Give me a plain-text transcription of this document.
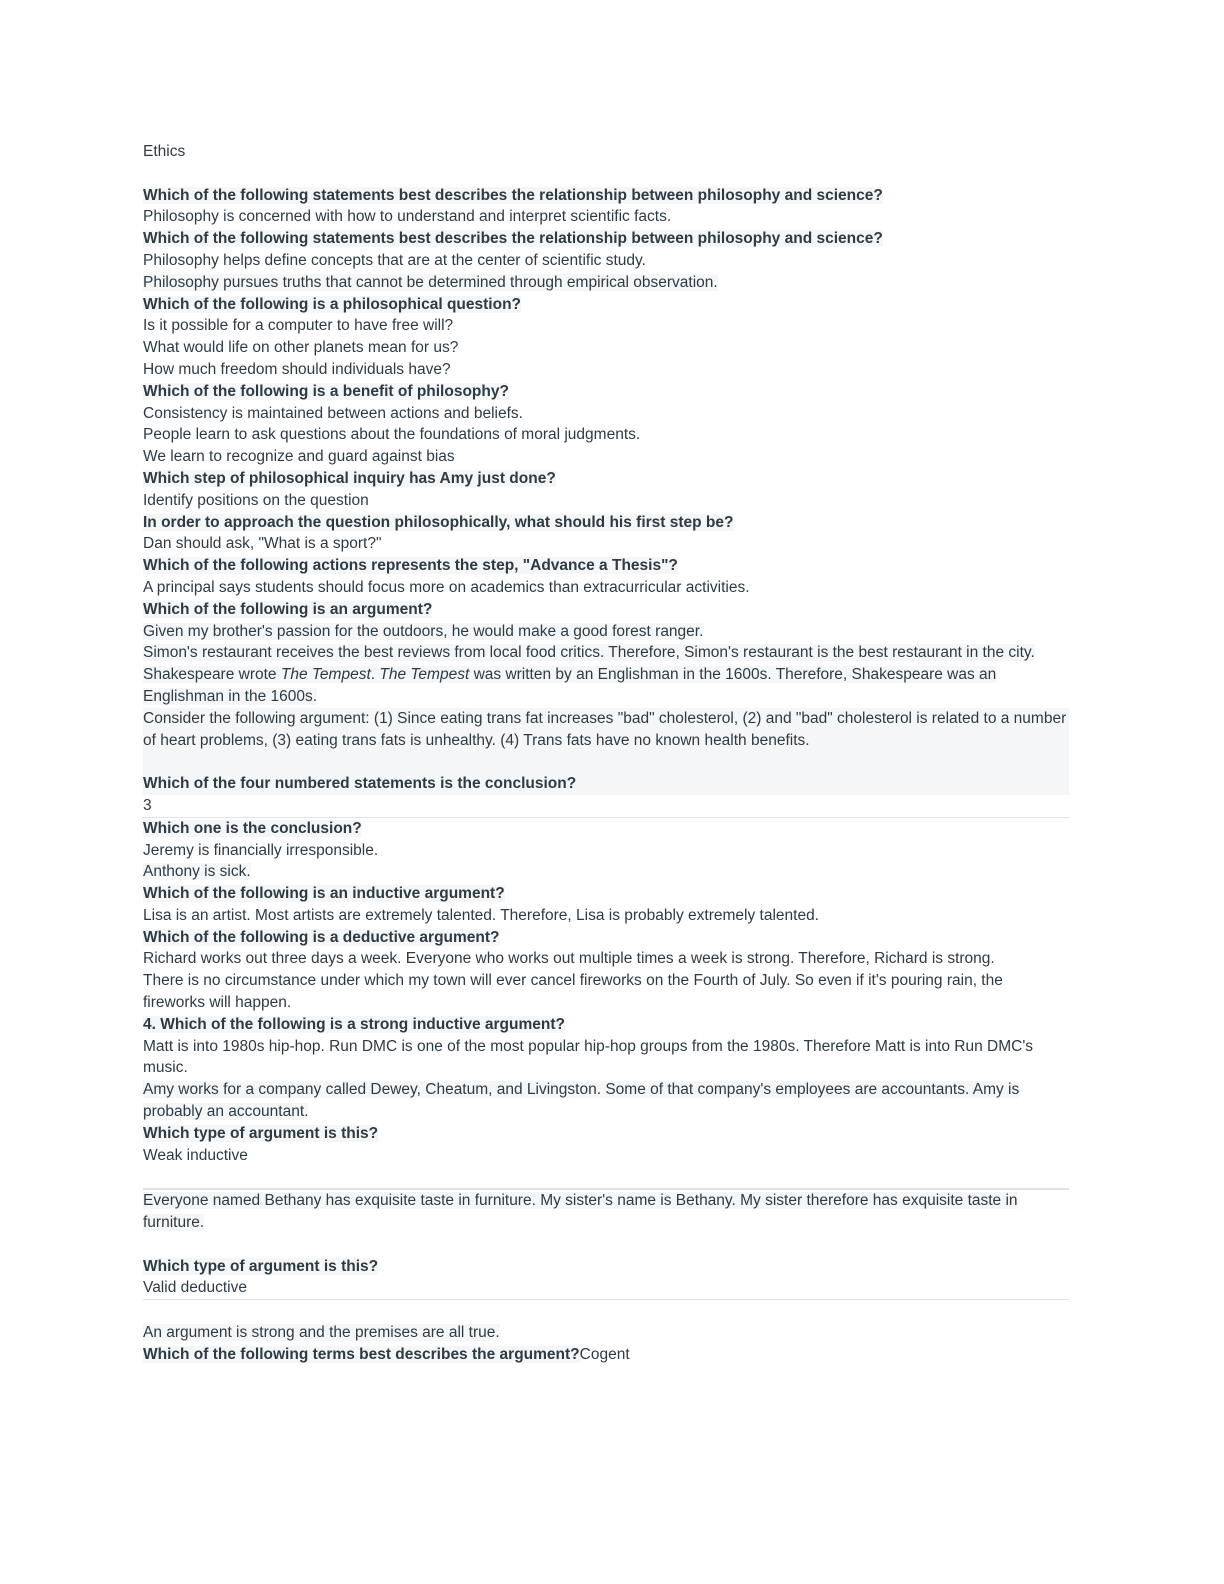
Ethics
Which of the following statements best describes the relationship between philosophy and science?
Philosophy is concerned with how to understand and interpret scientific facts.
Which of the following statements best describes the relationship between philosophy and science?
Philosophy helps define concepts that are at the center of scientific study.
Philosophy pursues truths that cannot be determined through empirical observation.
Which of the following is a philosophical question?
Is it possible for a computer to have free will?
What would life on other planets mean for us?
How much freedom should individuals have?
Which of the following is a benefit of philosophy?
Consistency is maintained between actions and beliefs.
People learn to ask questions about the foundations of moral judgments.
We learn to recognize and guard against bias
Which step of philosophical inquiry has Amy just done?
Identify positions on the question
In order to approach the question philosophically, what should his first step be?
Dan should ask, "What is a sport?"
Which of the following actions represents the step, "Advance a Thesis"?
A principal says students should focus more on academics than extracurricular activities.
Which of the following is an argument?
Given my brother's passion for the outdoors, he would make a good forest ranger.
Simon's restaurant receives the best reviews from local food critics. Therefore, Simon's restaurant is the best restaurant in the city.
Shakespeare wrote The Tempest. The Tempest was written by an Englishman in the 1600s. Therefore, Shakespeare was an Englishman in the 1600s.
Consider the following argument: (1) Since eating trans fat increases "bad" cholesterol, (2) and "bad" cholesterol is related to a number of heart problems, (3) eating trans fats is unhealthy. (4) Trans fats have no known health benefits.
Which of the four numbered statements is the conclusion?
3
Which one is the conclusion?
Jeremy is financially irresponsible.
Anthony is sick.
Which of the following is an inductive argument?
Lisa is an artist. Most artists are extremely talented. Therefore, Lisa is probably extremely talented.
Which of the following is a deductive argument?
Richard works out three days a week. Everyone who works out multiple times a week is strong. Therefore, Richard is strong.
There is no circumstance under which my town will ever cancel fireworks on the Fourth of July. So even if it's pouring rain, the fireworks will happen.
4. Which of the following is a strong inductive argument?
Matt is into 1980s hip-hop. Run DMC is one of the most popular hip-hop groups from the 1980s. Therefore Matt is into Run DMC's music.
Amy works for a company called Dewey, Cheatum, and Livingston. Some of that company's employees are accountants. Amy is probably an accountant.
Which type of argument is this?
Weak inductive
Everyone named Bethany has exquisite taste in furniture. My sister's name is Bethany. My sister therefore has exquisite taste in furniture.
Which type of argument is this?
Valid deductive
An argument is strong and the premises are all true.
Which of the following terms best describes the argument?Cogent
